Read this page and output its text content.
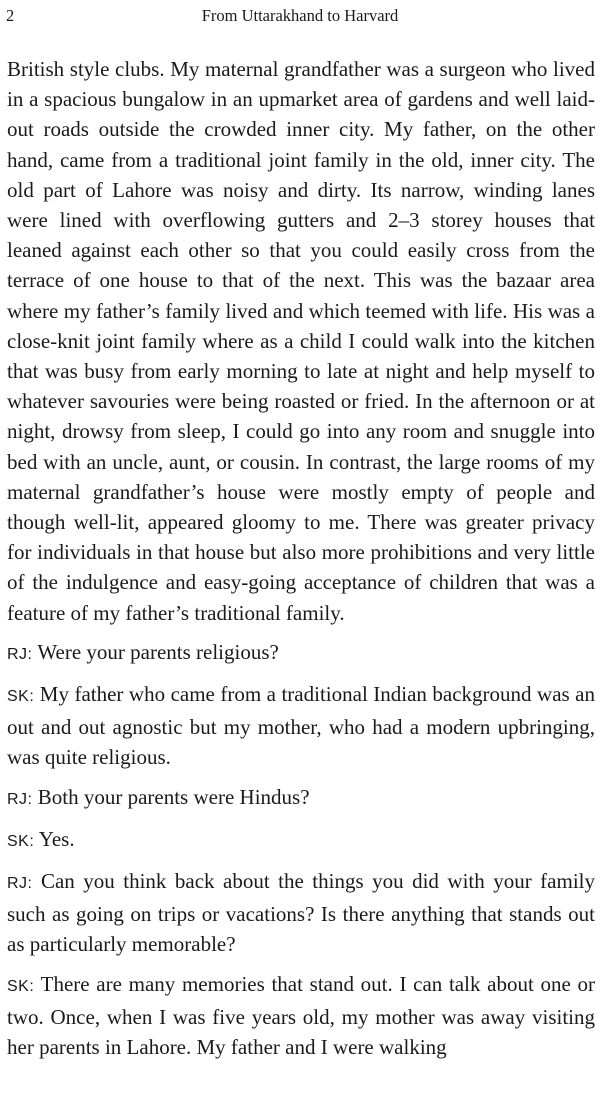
2	From Uttarakhand to Harvard

British style clubs. My maternal grandfather was a surgeon who lived in a spacious bungalow in an upmarket area of gardens and well laid-out roads outside the crowded inner city. My father, on the other hand, came from a traditional joint family in the old, inner city. The old part of Lahore was noisy and dirty. Its narrow, winding lanes were lined with overflowing gutters and 2–3 storey houses that leaned against each other so that you could easily cross from the terrace of one house to that of the next. This was the bazaar area where my father’s family lived and which teemed with life. His was a close-knit joint family where as a child I could walk into the kitchen that was busy from early morning to late at night and help myself to whatever savouries were being roasted or fried. In the afternoon or at night, drowsy from sleep, I could go into any room and snuggle into bed with an uncle, aunt, or cousin. In contrast, the large rooms of my maternal grandfather’s house were mostly empty of people and though well-lit, appeared gloomy to me. There was greater privacy for individuals in that house but also more prohibitions and very little of the indulgence and easy-going acceptance of children that was a feature of my father’s traditional family.

RJ: Were your parents religious?

SK: My father who came from a traditional Indian background was an out and out agnostic but my mother, who had a modern upbringing, was quite religious.

RJ: Both your parents were Hindus?

SK: Yes.

RJ: Can you think back about the things you did with your family such as going on trips or vacations? Is there anything that stands out as particularly memorable?

SK: There are many memories that stand out. I can talk about one or two. Once, when I was five years old, my mother was away visiting her parents in Lahore. My father and I were walking
